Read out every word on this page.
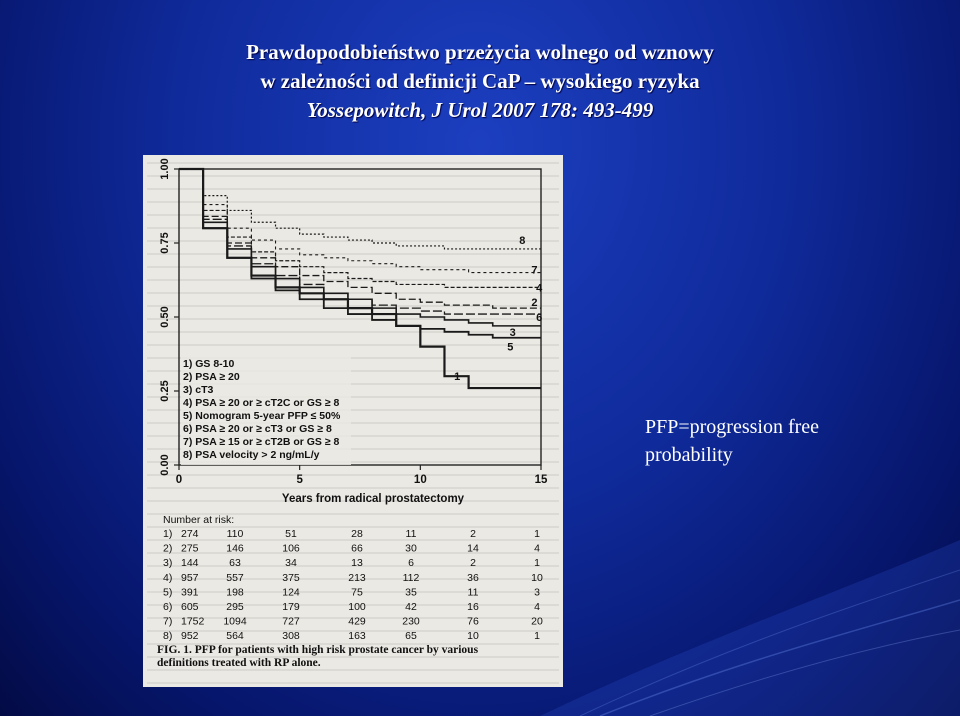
Prawdopodobieństwo przeżycia wolnego od wznowy
w zależności od definicji CaP – wysokiego ryzyka
Yossepowitch, J Urol 2007 178: 493-499
0	5	10	15
0.00
0.25
0.50
0.75
1.00
1
2
3
4
5
6
7
8
1) GS 8-10
2) PSA ≥ 20
3) cT3
4) PSA ≥ 20 or ≥ cT2C or GS ≥ 8
5) Nomogram 5-year PFP ≤ 50%
6) PSA ≥ 20 or ≥ cT3 or GS ≥ 8
7) PSA ≥ 15 or ≥ cT2B or GS ≥ 8
8) PSA velocity > 2 ng/mL/y
Years from radical prostatectomy
Number at risk:
1) 274	110	51	28	11	2	1
2) 275	146	106	66	30	14	4
3) 144	63	34	13	6	2	1
4) 957	557	375	213	112	36	10
5) 391	198	124	75	35	11	3
6) 605	295	179	100	42	16	4
7) 1752 1094	727	429	230	76	20
8) 952	564	308	163	65	10	1
FIG. 1. PFP for patients with high risk prostate cancer by various
definitions treated with RP alone.
PFP=progression free
probability
